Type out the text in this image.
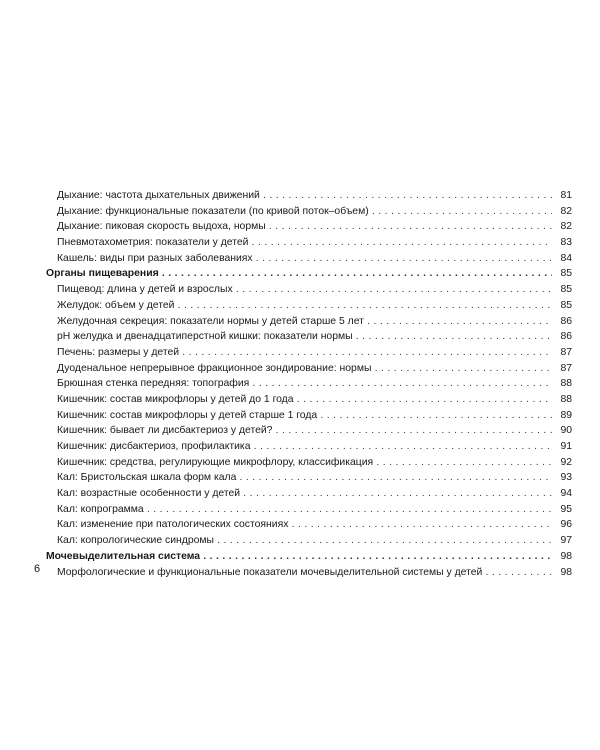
Дыхание: частота дыхательных движений . . .	81
Дыхание: функциональные показатели (по кривой поток–объем) . . .	82
Дыхание: пиковая скорость выдоха, нормы . . .	82
Пневмотахометрия: показатели у детей . . .	83
Кашель: виды при разных заболеваниях . . .	84
Органы пищеварения . . .	85
Пищевод: длина у детей и взрослых . . .	85
Желудок: объем у детей . . .	85
Желудочная секреция: показатели нормы у детей старше 5 лет . . .	86
pH желудка и двенадцатиперстной кишки: показатели нормы . . .	86
Печень: размеры у детей . . .	87
Дуоденальное непрерывное фракционное зондирование: нормы . . .	87
Брюшная стенка передняя: топография . . .	88
Кишечник: состав микрофлоры у детей до 1 года . . .	88
Кишечник: состав микрофлоры у детей старше 1 года . . .	89
Кишечник: бывает ли дисбактериоз у детей? . . .	90
Кишечник: дисбактериоз, профилактика . . .	91
Кишечник: средства, регулирующие микрофлору, классификация . . .	92
Кал: Бристольская шкала форм кала . . .	93
Кал: возрастные особенности у детей . . .	94
Кал: копрограмма . . .	95
Кал: изменение при патологических состояниях . . .	96
Кал: копрологические синдромы . . .	97
Мочевыделительная система . . .	98
Морфологические и функциональные показатели мочевыделительной системы у детей . . .	98
6
